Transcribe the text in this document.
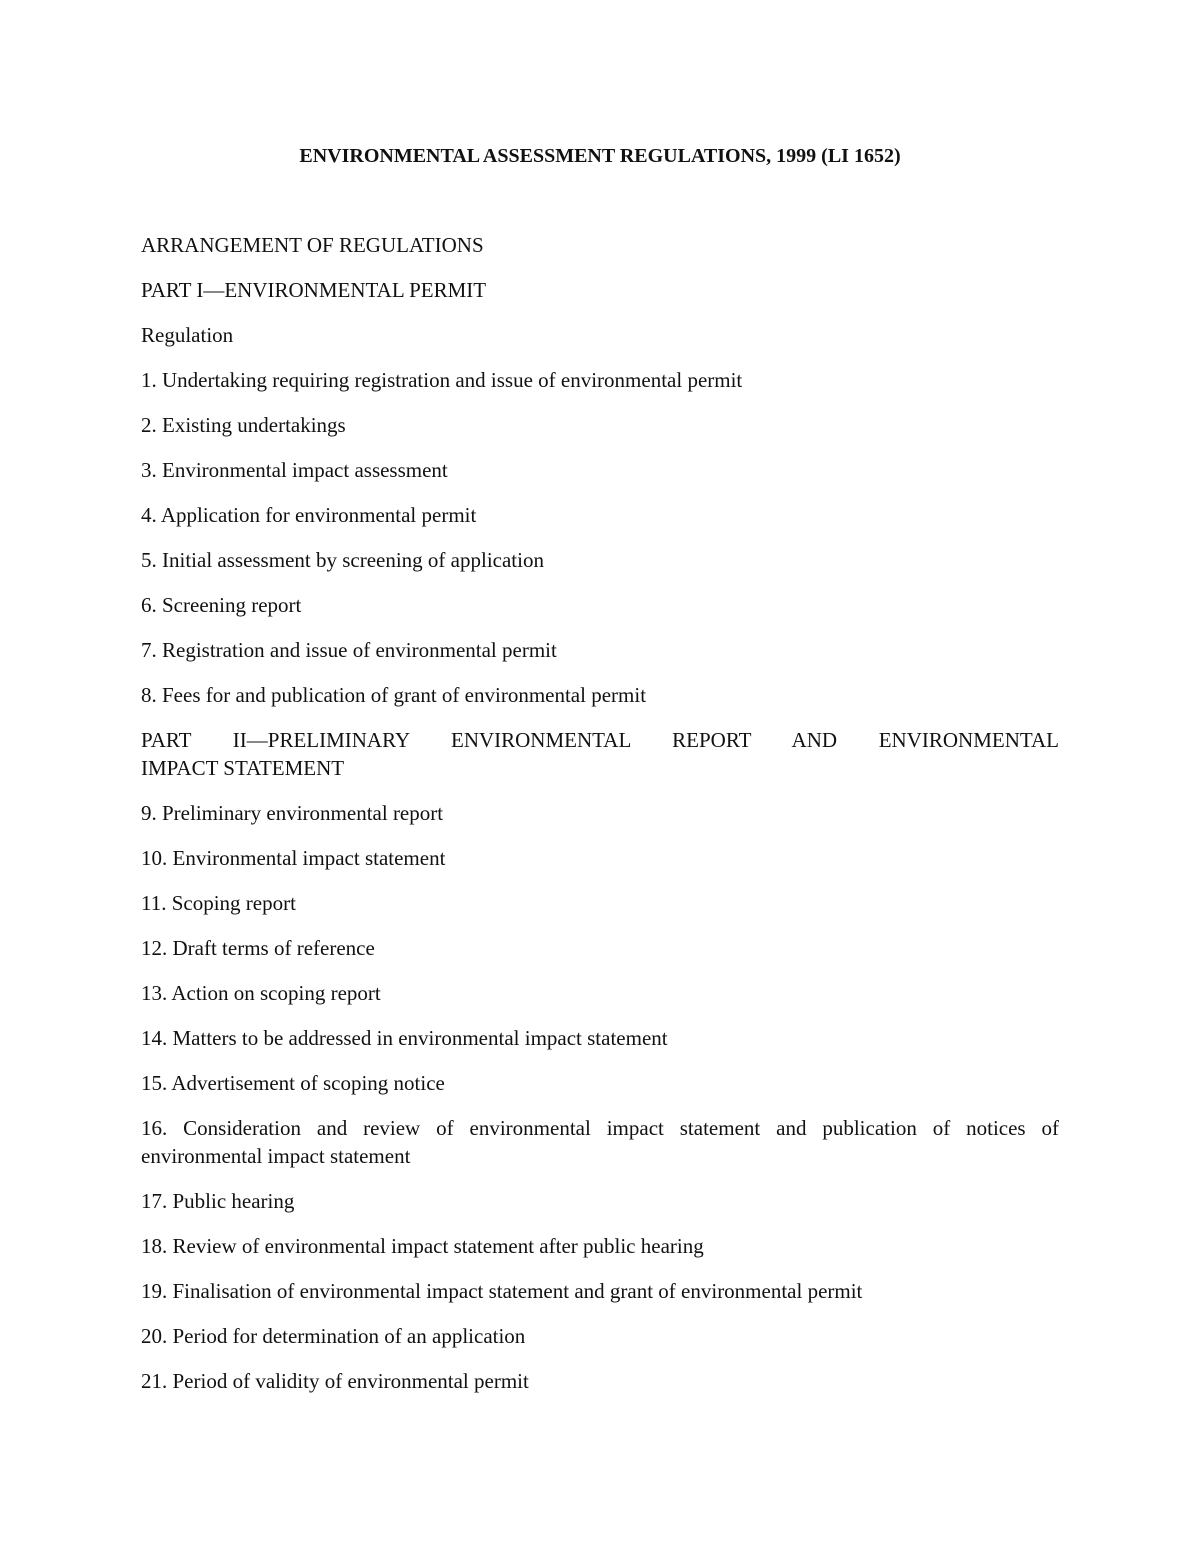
ENVIRONMENTAL ASSESSMENT REGULATIONS, 1999 (LI 1652)
ARRANGEMENT OF REGULATIONS
PART I—ENVIRONMENTAL PERMIT
Regulation
1. Undertaking requiring registration and issue of environmental permit
2. Existing undertakings
3. Environmental impact assessment
4. Application for environmental permit
5. Initial assessment by screening of application
6. Screening report
7. Registration and issue of environmental permit
8. Fees for and publication of grant of environmental permit
PART II—PRELIMINARY ENVIRONMENTAL REPORT AND ENVIRONMENTAL
IMPACT STATEMENT
9. Preliminary environmental report
10. Environmental impact statement
11. Scoping report
12. Draft terms of reference
13. Action on scoping report
14. Matters to be addressed in environmental impact statement
15. Advertisement of scoping notice
16. Consideration and review of environmental impact statement and publication of notices of
environmental impact statement
17. Public hearing
18. Review of environmental impact statement after public hearing
19. Finalisation of environmental impact statement and grant of environmental permit
20. Period for determination of an application
21. Period of validity of environmental permit
